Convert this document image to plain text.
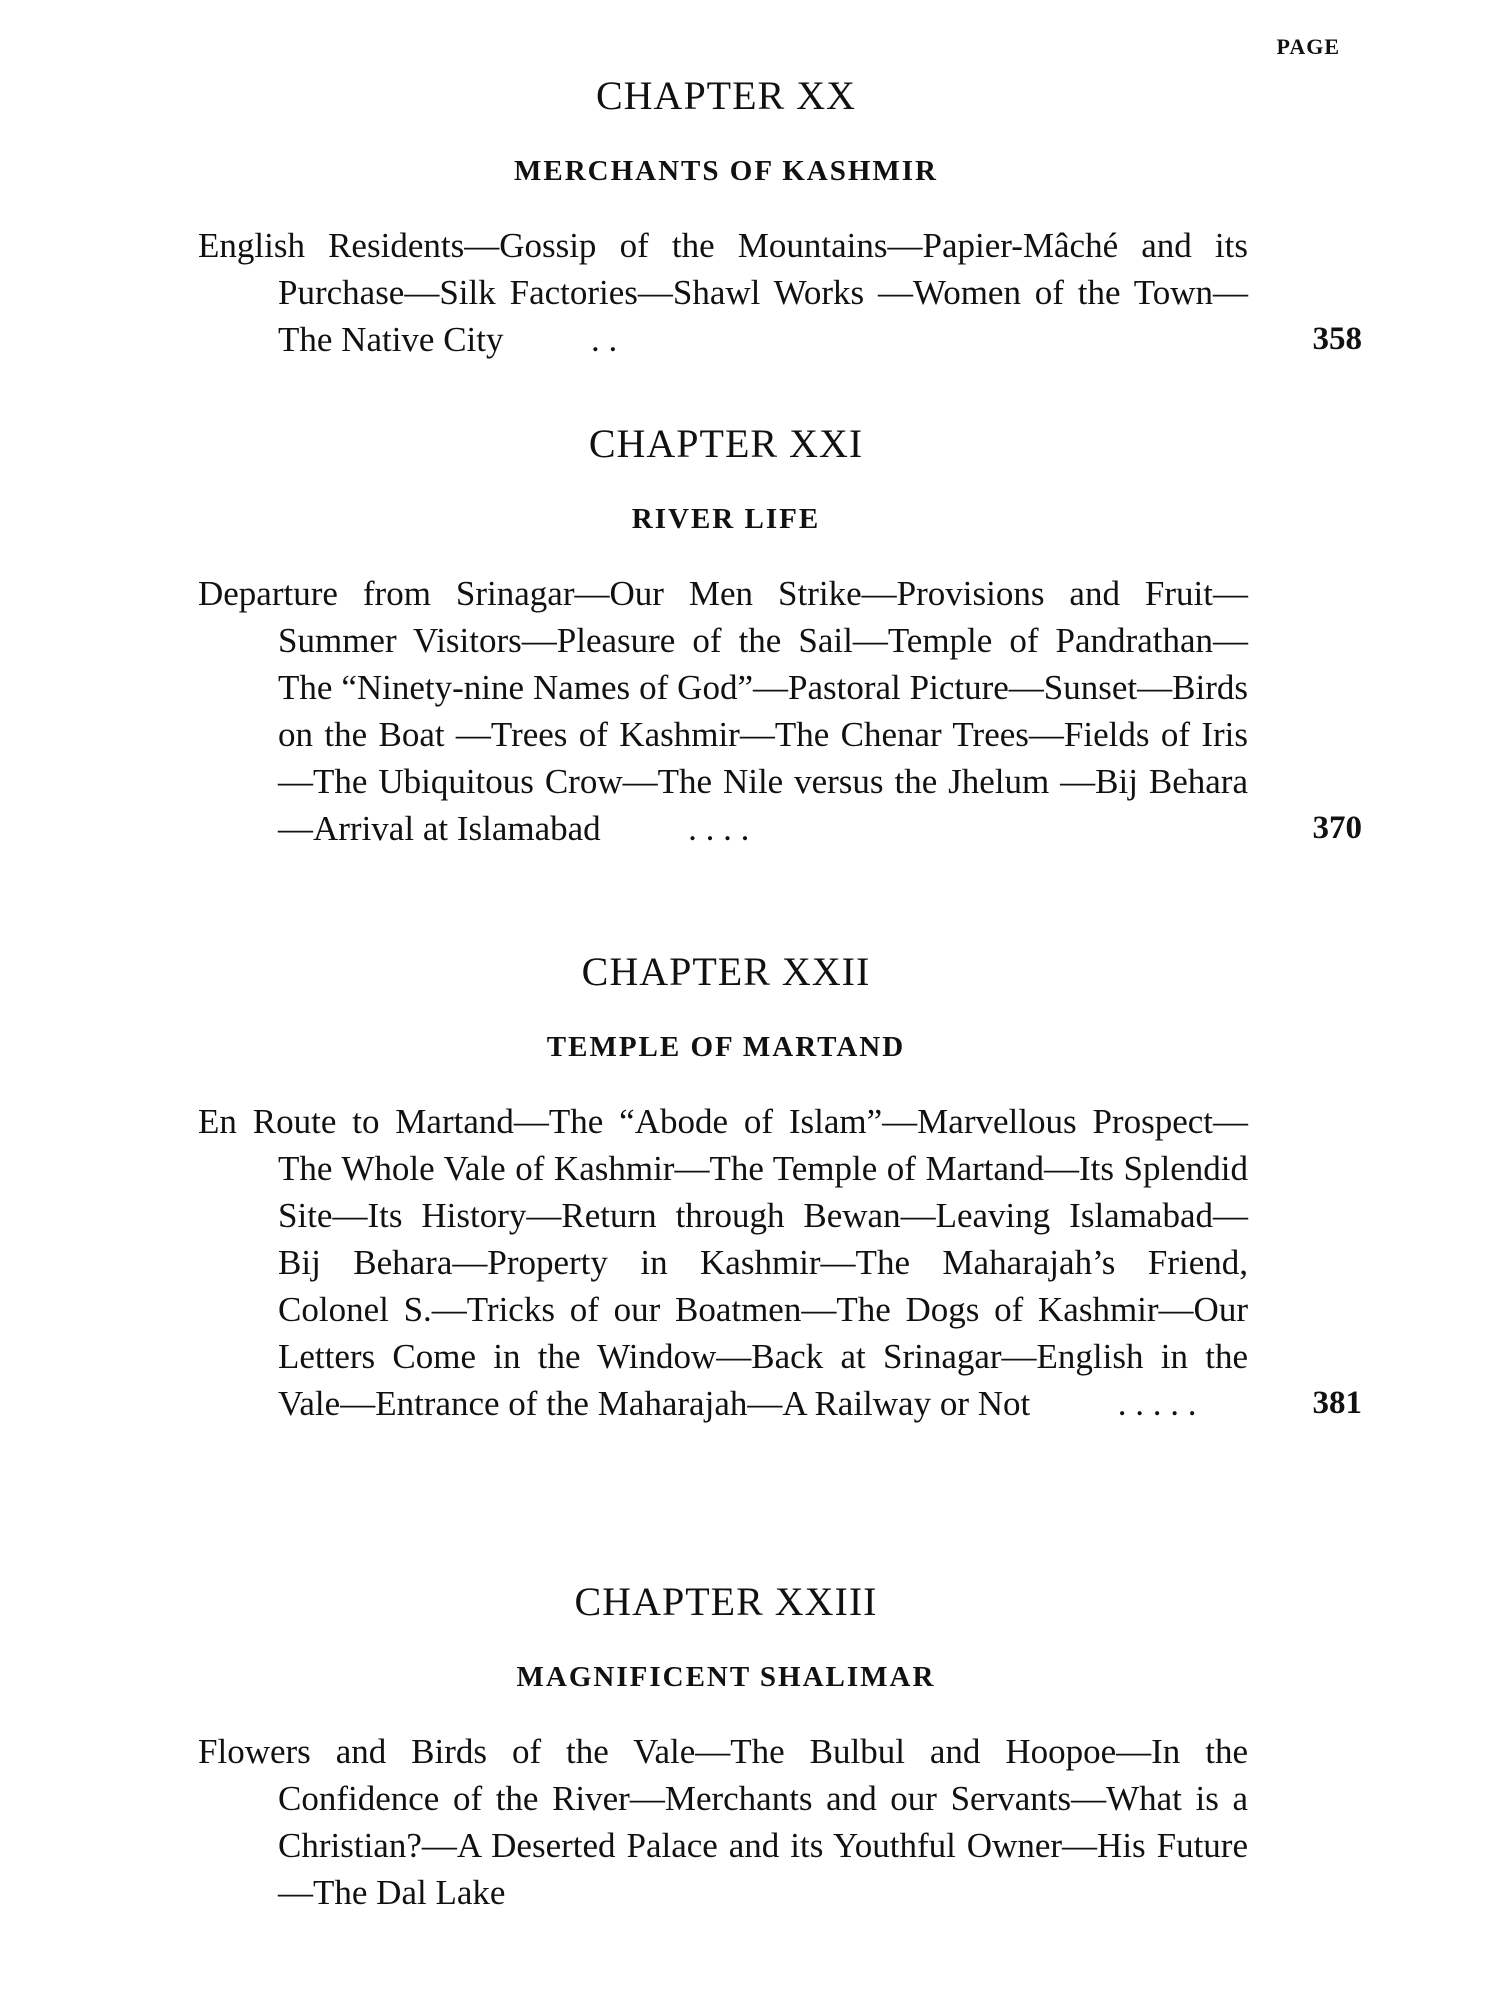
PAGE
CHAPTER XX
MERCHANTS OF KASHMIR
English Residents—Gossip of the Mountains—Papier-Mâché and its Purchase—Silk Factories—Shawl Works —Women of the Town—The Native City	. .	358
CHAPTER XXI
RIVER LIFE
Departure from Srinagar—Our Men Strike—Provisions and Fruit—Summer Visitors—Pleasure of the Sail—Temple of Pandrathan—The “Ninety-nine Names of God”—Pastoral Picture—Sunset—Birds on the Boat —Trees of Kashmir—The Chenar Trees—Fields of Iris —The Ubiquitous Crow—The Nile versus the Jhelum —Bij Behara—Arrival at Islamabad	. . . .	370
CHAPTER XXII
TEMPLE OF MARTAND
En Route to Martand—The “Abode of Islam”—Marvellous Prospect—The Whole Vale of Kashmir—The Temple of Martand—Its Splendid Site—Its History—Return through Bewan—Leaving Islamabad—Bij Behara—Property in Kashmir—The Maharajah’s Friend, Colonel S.—Tricks of our Boatmen—The Dogs of Kashmir—Our Letters Come in the Window—Back at Srinagar—English in the Vale—Entrance of the Maharajah—A Railway or Not	. . . . .	381
CHAPTER XXIII
MAGNIFICENT SHALIMAR
Flowers and Birds of the Vale—The Bulbul and Hoopoe—In the Confidence of the River—Merchants and our Servants—What is a Christian?—A Deserted Palace and its Youthful Owner—His Future—The Dal Lake
